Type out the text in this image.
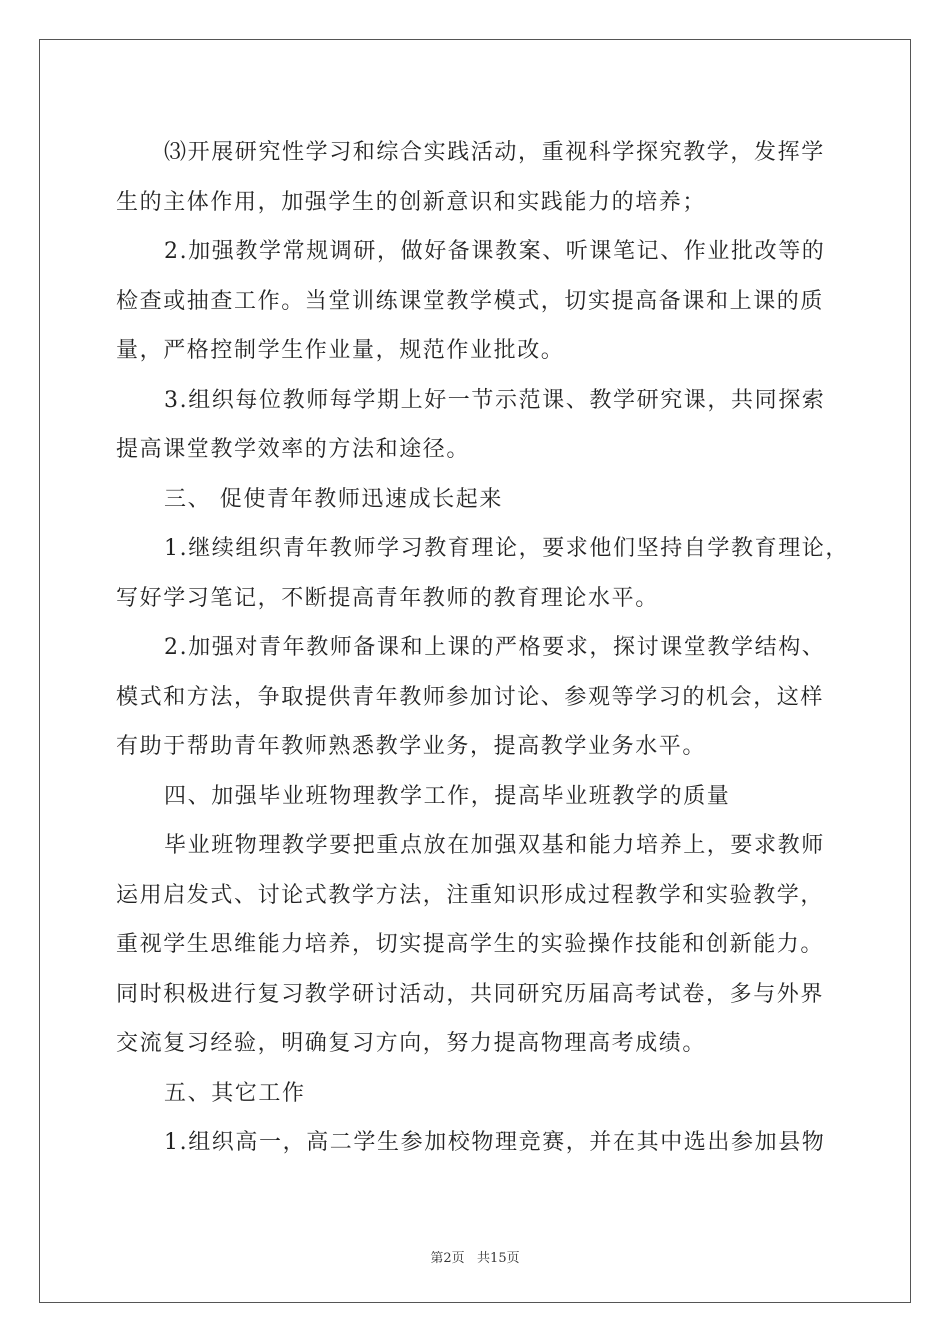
⑶开展研究性学习和综合实践活动，重视科学探究教学，发挥学
生的主体作用，加强学生的创新意识和实践能力的培养；
2.加强教学常规调研，做好备课教案、听课笔记、作业批改等的
检查或抽查工作。当堂训练课堂教学模式，切实提高备课和上课的质
量，严格控制学生作业量，规范作业批改。
3.组织每位教师每学期上好一节示范课、教学研究课，共同探索
提高课堂教学效率的方法和途径。
三、 促使青年教师迅速成长起来
1.继续组织青年教师学习教育理论，要求他们坚持自学教育理论，
写好学习笔记，不断提高青年教师的教育理论水平。
2.加强对青年教师备课和上课的严格要求，探讨课堂教学结构、
模式和方法，争取提供青年教师参加讨论、参观等学习的机会，这样
有助于帮助青年教师熟悉教学业务，提高教学业务水平。
四、加强毕业班物理教学工作，提高毕业班教学的质量
毕业班物理教学要把重点放在加强双基和能力培养上，要求教师
运用启发式、讨论式教学方法，注重知识形成过程教学和实验教学，
重视学生思维能力培养，切实提高学生的实验操作技能和创新能力。
同时积极进行复习教学研讨活动，共同研究历届高考试卷，多与外界
交流复习经验，明确复习方向，努力提高物理高考成绩。
五、其它工作
1.组织高一，高二学生参加校物理竞赛，并在其中选出参加县物
第2页   共15页
